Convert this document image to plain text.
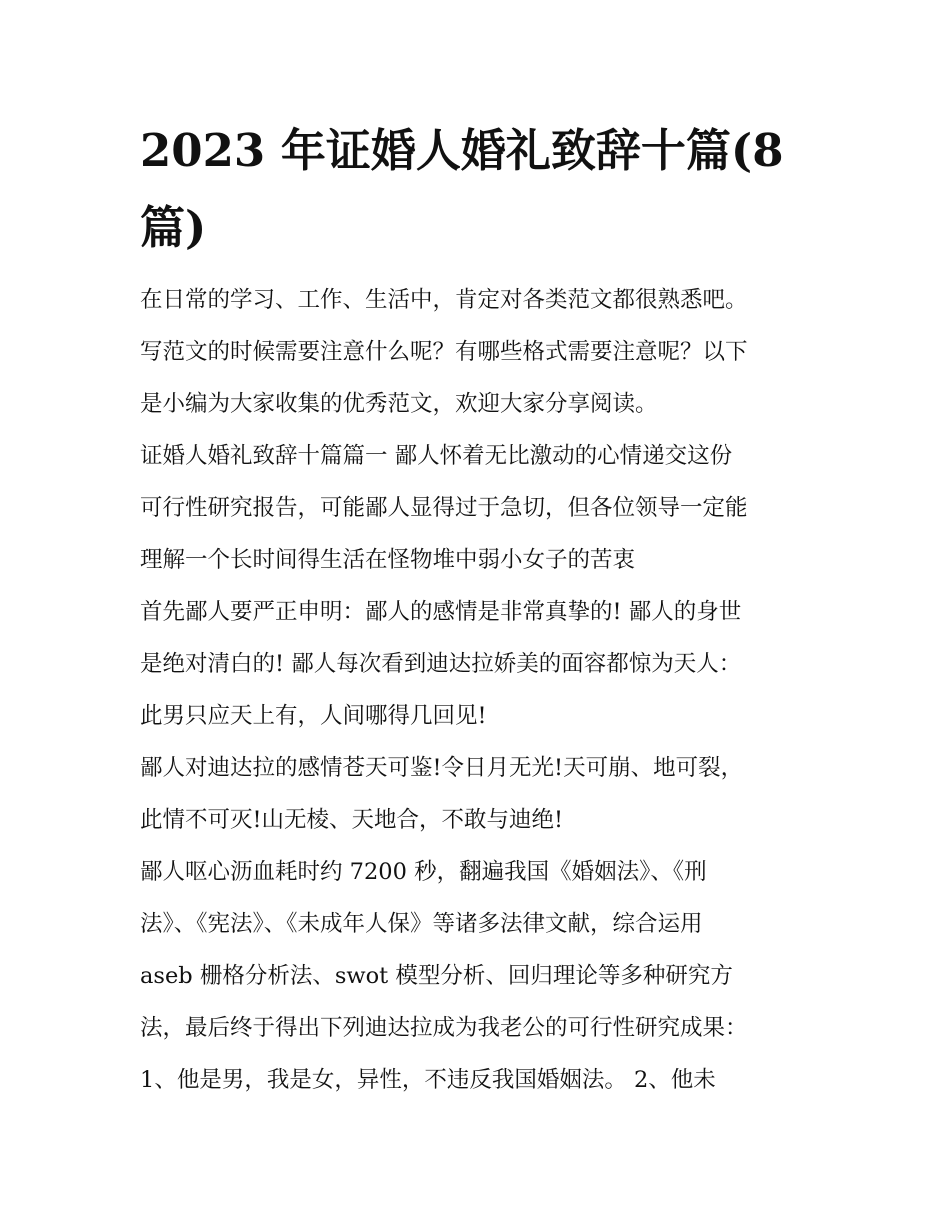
2023 年证婚人婚礼致辞十篇(8
篇)
在日常的学习、工作、生活中，肯定对各类范文都很熟悉吧。
写范文的时候需要注意什么呢？有哪些格式需要注意呢？以下
是小编为大家收集的优秀范文，欢迎大家分享阅读。
证婚人婚礼致辞十篇篇一 鄙人怀着无比激动的心情递交这份
可行性研究报告，可能鄙人显得过于急切，但各位领导一定能
理解一个长时间得生活在怪物堆中弱小女子的苦衷
首先鄙人要严正申明：鄙人的感情是非常真挚的! 鄙人的身世
是绝对清白的! 鄙人每次看到迪达拉娇美的面容都惊为天人：
此男只应天上有，人间哪得几回见!
鄙人对迪达拉的感情苍天可鉴!令日月无光!天可崩、地可裂，
此情不可灭!山无棱、天地合，不敢与迪绝!
鄙人呕心沥血耗时约 7200 秒，翻遍我国《婚姻法》、《刑
法》、《宪法》、《未成年人保》等诸多法律文献，综合运用
aseb 栅格分析法、swot 模型分析、回归理论等多种研究方
法，最后终于得出下列迪达拉成为我老公的可行性研究成果：
1、他是男，我是女，异性，不违反我国婚姻法。 2、他未
